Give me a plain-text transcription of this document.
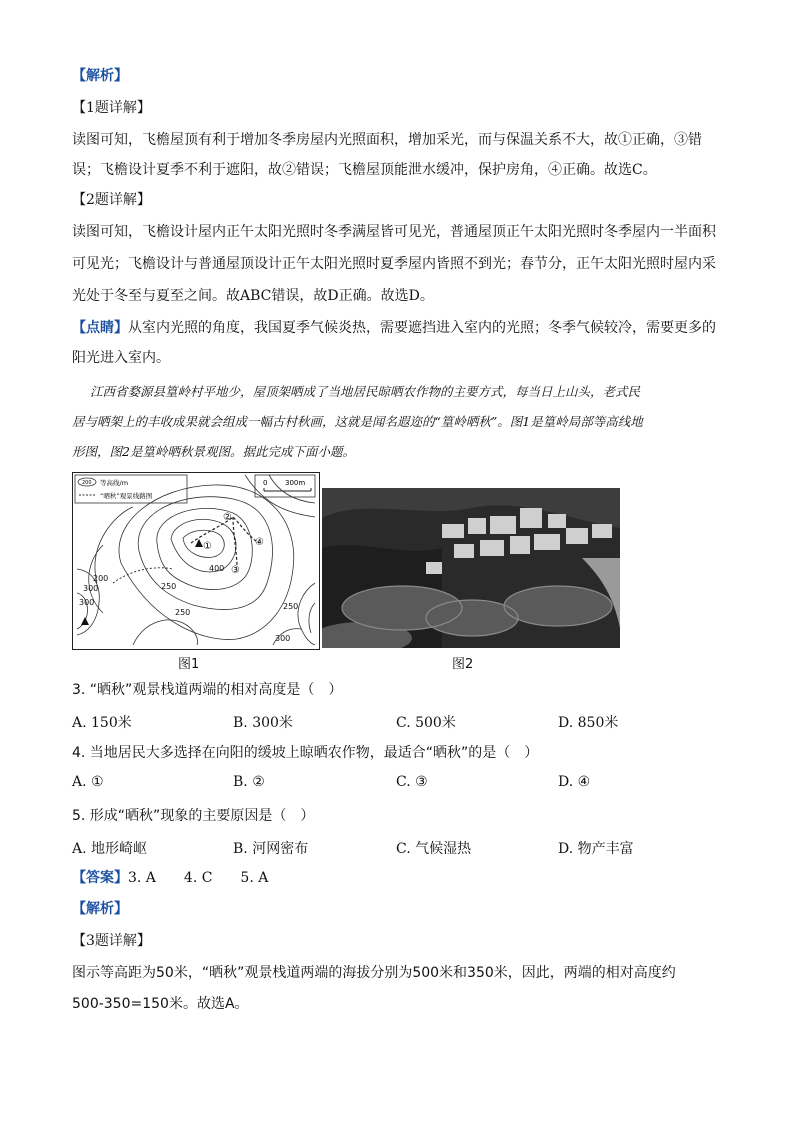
【解析】
【1题详解】
读图可知，飞檐屋顶有利于增加冬季房屋内光照面积，增加采光，而与保温关系不大，故①正确，③错
误；飞檐设计夏季不利于遮阳，故②错误；飞檐屋顶能泄水缓冲，保护房角，④正确。故选C。
【2题详解】
读图可知，飞檐设计屋内正午太阳光照时冬季满屋皆可见光，普通屋顶正午太阳光照时冬季屋内一半面积
可见光；飞檐设计与普通屋顶设计正午太阳光照时夏季屋内皆照不到光；春节分，正午太阳光照时屋内采
光处于冬至与夏至之间。故ABC错误，故D正确。故选D。
【点睛】从室内光照的角度，我国夏季气候炎热，需要遮挡进入室内的光照；冬季气候较冷，需要更多的
阳光进入室内。
江西省婺源县篁岭村平地少，屋顶架晒成了当地居民晾晒农作物的主要方式，每当日上山头，老式民
居与晒架上的丰收成果就会组成一幅古村秋画，这就是闻名遐迩的“篁岭晒秋”。图1是篁岭局部等高线地
形图，图2是篁岭晒秋景观图。据此完成下面小题。
200 等高线/m
“晒秋”观景线路图
0	300m
①
②
③
④
200
250
300
400
250
300
250
300
图1	图2
3. “晒秋”观景栈道两端的相对高度是（　）
A. 150米	B. 300米	C. 500米	D. 850米
4. 当地居民大多选择在向阳的缓坡上晾晒农作物，最适合“晒秋”的是（　）
A. ①	B. ②	C. ③	D. ④
5. 形成“晒秋”现象的主要原因是（　）
A. 地形崎岖	B. 河网密布	C. 气候湿热	D. 物产丰富
【答案】3. A　　4. C　　5. A
【解析】
【3题详解】
图示等高距为50米，“晒秋”观景栈道两端的海拔分别为500米和350米，因此，两端的相对高度约
500-350=150米。故选A。
